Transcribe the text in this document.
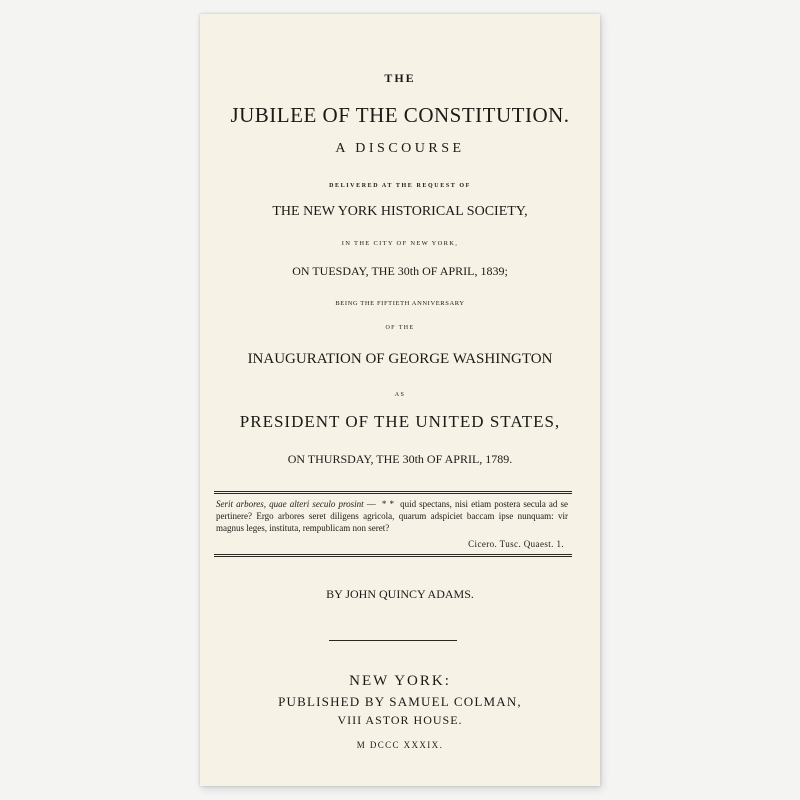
THE
JUBILEE OF THE CONSTITUTION.
A DISCOURSE
DELIVERED AT THE REQUEST OF
THE NEW YORK HISTORICAL SOCIETY,
IN THE CITY OF NEW YORK,
ON TUESDAY, THE 30th OF APRIL, 1839;
BEING THE FIFTIETH ANNIVERSARY
OF THE
INAUGURATION OF GEORGE WASHINGTON
AS
PRESIDENT OF THE UNITED STATES,
ON THURSDAY, THE 30th OF APRIL, 1789.
Serit arbores, quae alteri seculo prosint — * * quid spectans, nisi etiam postera secula ad se pertinere? Ergo arbores seret diligens agricola, quarum adspiciet baccam ipse nunquam: vir magnus leges, instituta, rempublicam non seret?
Cicero. Tusc. Quaest. 1.
BY JOHN QUINCY ADAMS.
NEW YORK:
PUBLISHED BY SAMUEL COLMAN,
VIII ASTOR HOUSE.
M DCCC XXXIX.
